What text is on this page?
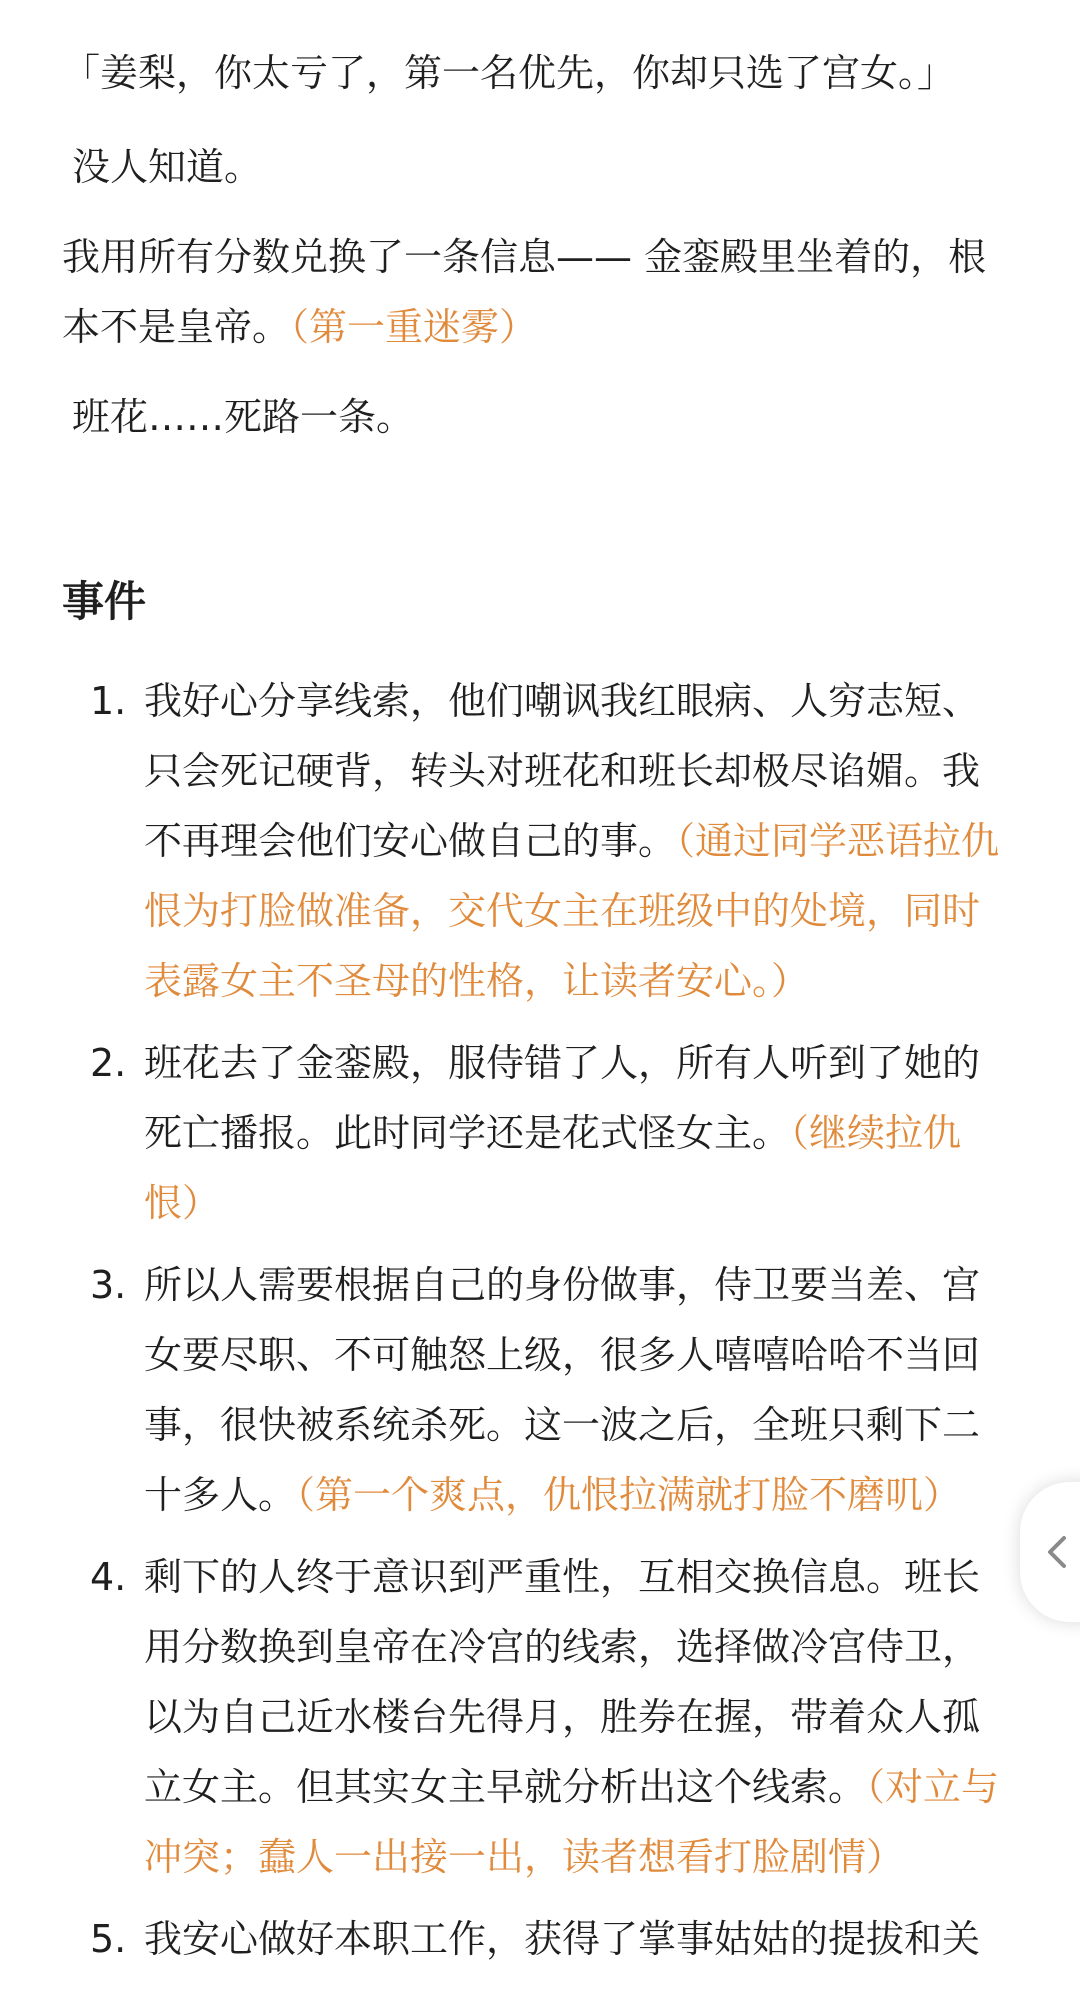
「姜梨，你太亏了，第一名优先，你却只选了宫女。」

没人知道。

我用所有分数兑换了一条信息—— 金銮殿里坐着的，根本不是皇帝。（第一重迷雾）

班花……死路一条。

事件
1. 我好心分享线索，他们嘲讽我红眼病、人穷志短、只会死记硬背，转头对班花和班长却极尽谄媚。我不再理会他们安心做自己的事。（通过同学恶语拉仇恨为打脸做准备，交代女主在班级中的处境，同时表露女主不圣母的性格，让读者安心。）
2. 班花去了金銮殿，服侍错了人，所有人听到了她的死亡播报。此时同学还是花式怪女主。（继续拉仇恨）
3. 所以人需要根据自己的身份做事，侍卫要当差、宫女要尽职、不可触怒上级，很多人嘻嘻哈哈不当回事，很快被系统杀死。这一波之后，全班只剩下二十多人。（第一个爽点，仇恨拉满就打脸不磨叽）
4. 剩下的人终于意识到严重性，互相交换信息。班长用分数换到皇帝在冷宫的线索，选择做冷宫侍卫，以为自己近水楼台先得月，胜券在握，带着众人孤立女主。但其实女主早就分析出这个线索。（对立与冲突；蠢人一出接一出，读者想看打脸剧情）
5. 我安心做好本职工作，获得了掌事姑姑的提拔和关
